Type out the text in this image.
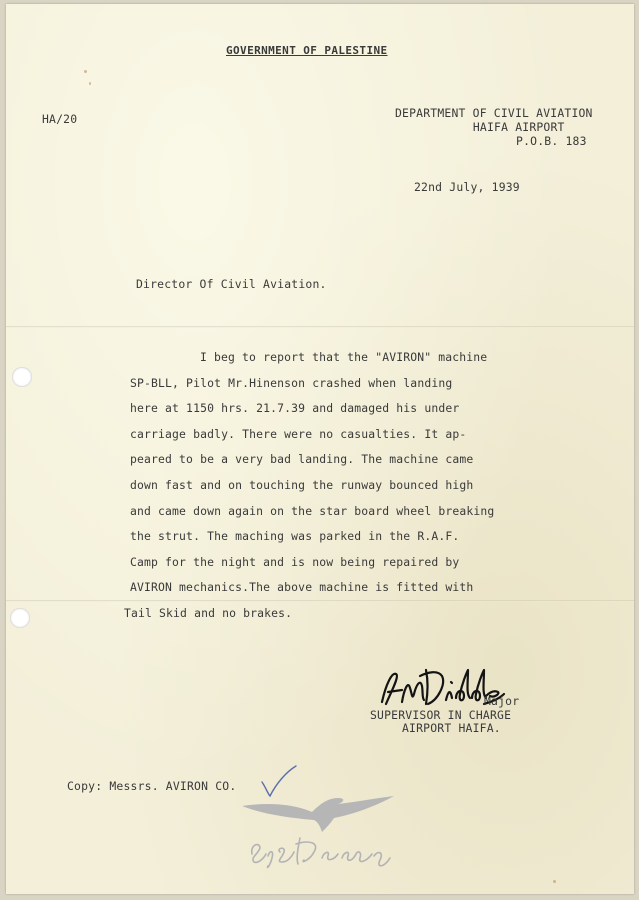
GOVERNMENT OF PALESTINE
HA/20	DEPARTMENT OF CIVIL AVIATION
HAIFA AIRPORT
P.O.B. 183
22nd July, 1939
Director Of Civil Aviation.
I beg to report that the "AVIRON" machine
SP-BLL, Pilot Mr.Hinenson crashed when landing
here at 1150 hrs. 21.7.39 and damaged his under
carriage badly. There were no casualties. It ap-
peared to be a very bad landing. The machine came
down fast and on touching the runway bounced high
and came down again on the star board wheel breaking
the strut. The maching was parked in the R.A.F.
Camp for the night and is now being repaired by
AVIRON mechanics.The above machine is fitted with
Tail Skid and no brakes.
Major
SUPERVISOR IN CHARGE
AIRPORT HAIFA.
Copy: Messrs. AVIRON CO.
